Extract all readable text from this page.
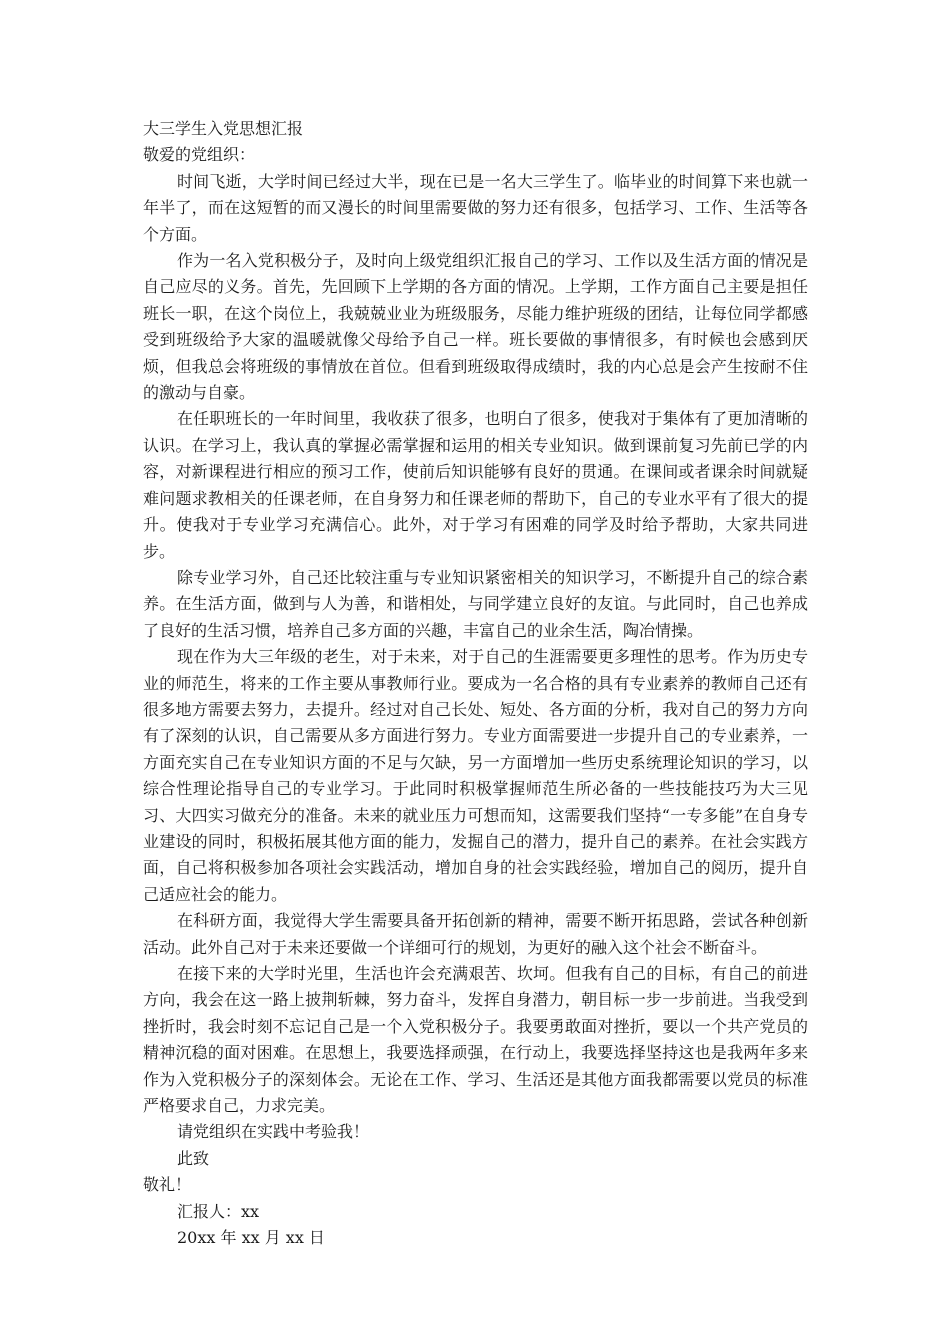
大三学生入党思想汇报

敬爱的党组织：

时间飞逝，大学时间已经过大半，现在已是一名大三学生了。临毕业的时间算下来也就一年半了，而在这短暂的而又漫长的时间里需要做的努力还有很多，包括学习、工作、生活等各个方面。

作为一名入党积极分子，及时向上级党组织汇报自己的学习、工作以及生活方面的情况是自己应尽的义务。首先，先回顾下上学期的各方面的情况。上学期，工作方面自己主要是担任班长一职，在这个岗位上，我兢兢业业为班级服务，尽能力维护班级的团结，让每位同学都感受到班级给予大家的温暖就像父母给予自己一样。班长要做的事情很多，有时候也会感到厌烦，但我总会将班级的事情放在首位。但看到班级取得成绩时，我的内心总是会产生按耐不住的激动与自豪。

在任职班长的一年时间里，我收获了很多，也明白了很多，使我对于集体有了更加清晰的认识。在学习上，我认真的掌握必需掌握和运用的相关专业知识。做到课前复习先前已学的内容，对新课程进行相应的预习工作，使前后知识能够有良好的贯通。在课间或者课余时间就疑难问题求教相关的任课老师，在自身努力和任课老师的帮助下，自己的专业水平有了很大的提升。使我对于专业学习充满信心。此外，对于学习有困难的同学及时给予帮助，大家共同进步。

除专业学习外，自己还比较注重与专业知识紧密相关的知识学习，不断提升自己的综合素养。在生活方面，做到与人为善，和谐相处，与同学建立良好的友谊。与此同时，自己也养成了良好的生活习惯，培养自己多方面的兴趣，丰富自己的业余生活，陶冶情操。

现在作为大三年级的老生，对于未来，对于自己的生涯需要更多理性的思考。作为历史专业的师范生，将来的工作主要从事教师行业。要成为一名合格的具有专业素养的教师自己还有很多地方需要去努力，去提升。经过对自己长处、短处、各方面的分析，我对自己的努力方向有了深刻的认识，自己需要从多方面进行努力。专业方面需要进一步提升自己的专业素养，一方面充实自己在专业知识方面的不足与欠缺，另一方面增加一些历史系统理论知识的学习，以综合性理论指导自己的专业学习。于此同时积极掌握师范生所必备的一些技能技巧为大三见习、大四实习做充分的准备。未来的就业压力可想而知，这需要我们坚持“一专多能”在自身专业建设的同时，积极拓展其他方面的能力，发掘自己的潜力，提升自己的素养。在社会实践方面，自己将积极参加各项社会实践活动，增加自身的社会实践经验，增加自己的阅历，提升自己适应社会的能力。

在科研方面，我觉得大学生需要具备开拓创新的精神，需要不断开拓思路，尝试各种创新活动。此外自己对于未来还要做一个详细可行的规划，为更好的融入这个社会不断奋斗。

在接下来的大学时光里，生活也许会充满艰苦、坎坷。但我有自己的目标，有自己的前进方向，我会在这一路上披荆斩棘，努力奋斗，发挥自身潜力，朝目标一步一步前进。当我受到挫折时，我会时刻不忘记自己是一个入党积极分子。我要勇敢面对挫折，要以一个共产党员的精神沉稳的面对困难。在思想上，我要选择顽强，在行动上，我要选择坚持这也是我两年多来作为入党积极分子的深刻体会。无论在工作、学习、生活还是其他方面我都需要以党员的标准严格要求自己，力求完美。

请党组织在实践中考验我！

此致

敬礼！

汇报人：xx

20xx 年 xx 月 xx 日
